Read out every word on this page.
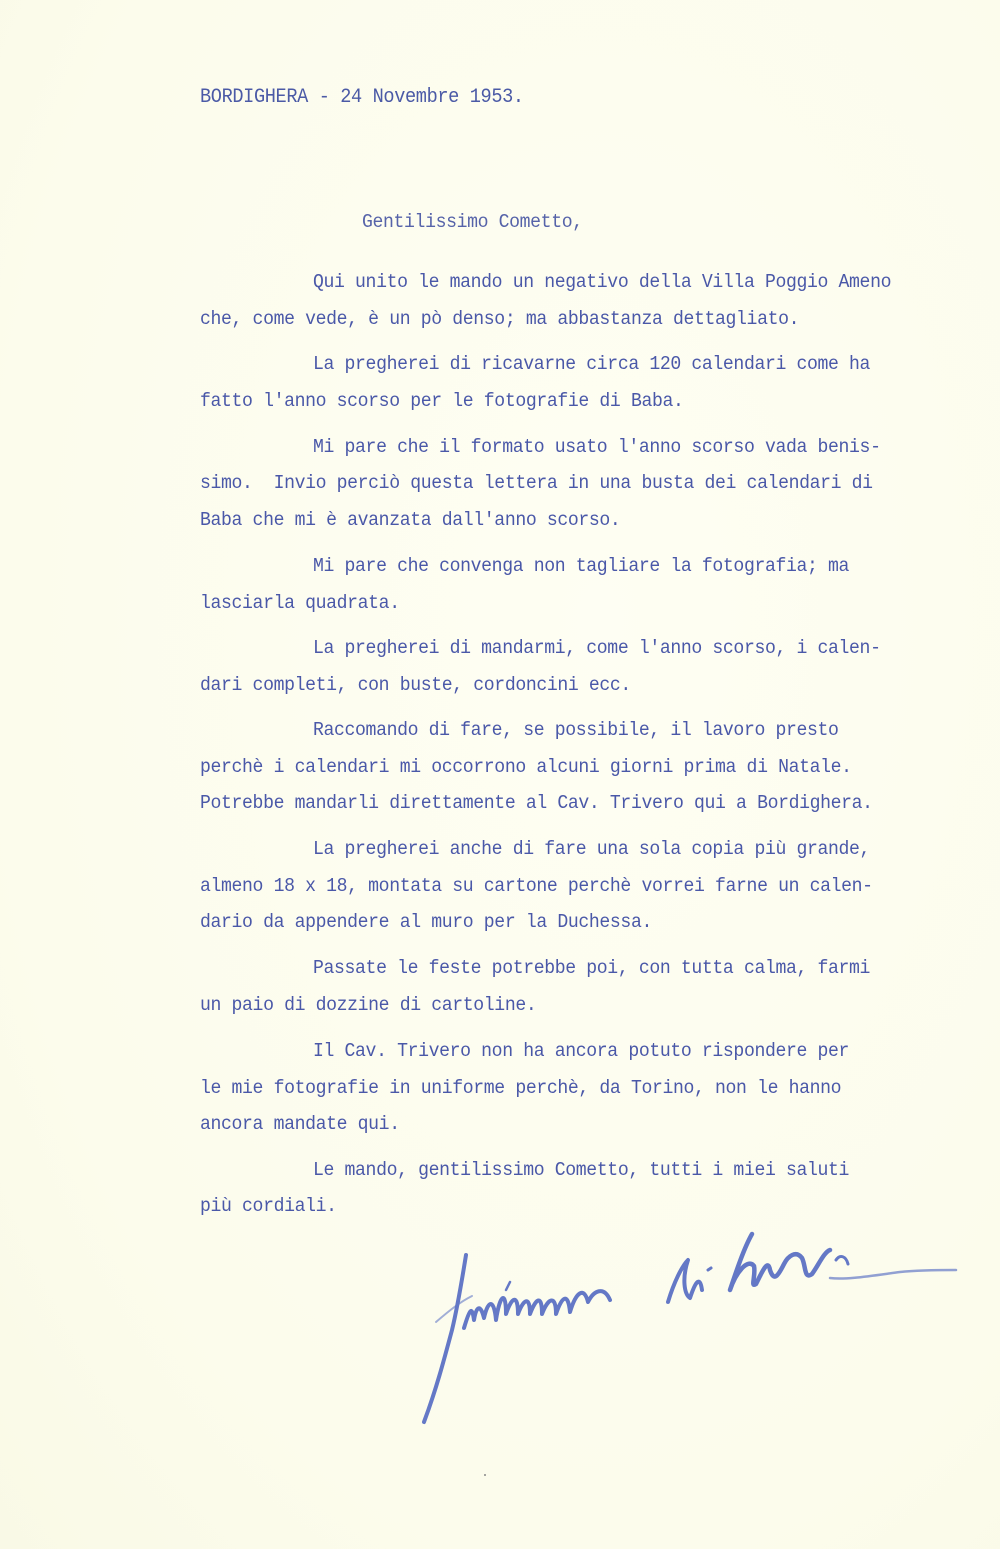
BORDIGHERA - 24 Novembre 1953.
Gentilissimo Cometto,
Qui unito le mando un negativo della Villa Poggio Ameno
che, come vede, è un pò denso; ma abbastanza dettagliato.
La pregherei di ricavarne circa 120 calendari come ha
fatto l'anno scorso per le fotografie di Baba.
Mi pare che il formato usato l'anno scorso vada benis-
simo.  Invio perciò questa lettera in una busta dei calendari di
Baba che mi è avanzata dall'anno scorso.
Mi pare che convenga non tagliare la fotografia; ma
lasciarla quadrata.
La pregherei di mandarmi, come l'anno scorso, i calen-
dari completi, con buste, cordoncini ecc.
Raccomando di fare, se possibile, il lavoro presto
perchè i calendari mi occorrono alcuni giorni prima di Natale.
Potrebbe mandarli direttamente al Cav. Trivero qui a Bordighera.
La pregherei anche di fare una sola copia più grande,
almeno 18 x 18, montata su cartone perchè vorrei farne un calen-
dario da appendere al muro per la Duchessa.
Passate le feste potrebbe poi, con tutta calma, farmi
un paio di dozzine di cartoline.
Il Cav. Trivero non ha ancora potuto rispondere per
le mie fotografie in uniforme perchè, da Torino, non le hanno
ancora mandate qui.
Le mando, gentilissimo Cometto, tutti i miei saluti
più cordiali.
